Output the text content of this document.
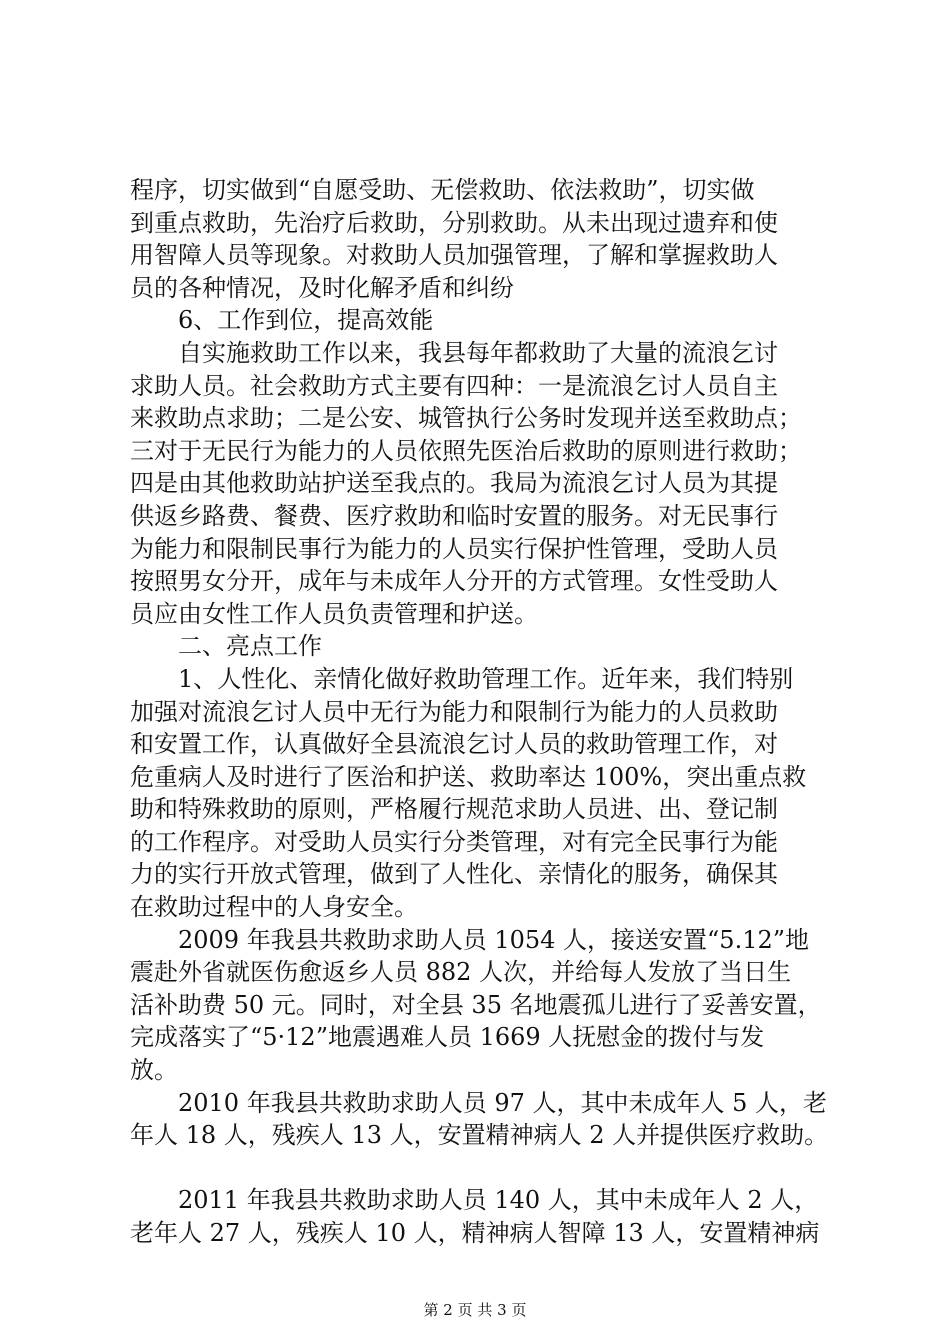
程序，切实做到“自愿受助、无偿救助、依法救助”，切实做
到重点救助，先治疗后救助，分别救助。从未出现过遗弃和使
用智障人员等现象。对救助人员加强管理，了解和掌握救助人
员的各种情况，及时化解矛盾和纠纷
　　6、工作到位，提高效能
　　自实施救助工作以来，我县每年都救助了大量的流浪乞讨
求助人员。社会救助方式主要有四种：一是流浪乞讨人员自主
来救助点求助；二是公安、城管执行公务时发现并送至救助点；
三对于无民行为能力的人员依照先医治后救助的原则进行救助；
四是由其他救助站护送至我点的。我局为流浪乞讨人员为其提
供返乡路费、餐费、医疗救助和临时安置的服务。对无民事行
为能力和限制民事行为能力的人员实行保护性管理，受助人员
按照男女分开，成年与未成年人分开的方式管理。女性受助人
员应由女性工作人员负责管理和护送。
　　二、亮点工作
　　1、人性化、亲情化做好救助管理工作。近年来，我们特别
加强对流浪乞讨人员中无行为能力和限制行为能力的人员救助
和安置工作，认真做好全县流浪乞讨人员的救助管理工作，对
危重病人及时进行了医治和护送、救助率达 100%，突出重点救
助和特殊救助的原则，严格履行规范求助人员进、出、登记制
的工作程序。对受助人员实行分类管理，对有完全民事行为能
力的实行开放式管理，做到了人性化、亲情化的服务，确保其
在救助过程中的人身安全。
　　2009 年我县共救助求助人员 1054 人，接送安置“5.12”地
震赴外省就医伤愈返乡人员 882 人次，并给每人发放了当日生
活补助费 50 元。同时，对全县 35 名地震孤儿进行了妥善安置，
完成落实了“5·12”地震遇难人员 1669 人抚慰金的拨付与发
放。
　　2010 年我县共救助求助人员 97 人，其中未成年人 5 人，老
年人 18 人，残疾人 13 人，安置精神病人 2 人并提供医疗救助。
　　2011 年我县共救助求助人员 140 人，其中未成年人 2 人，
老年人 27 人，残疾人 10 人，精神病人智障 13 人，安置精神病
第 2 页 共 3 页
